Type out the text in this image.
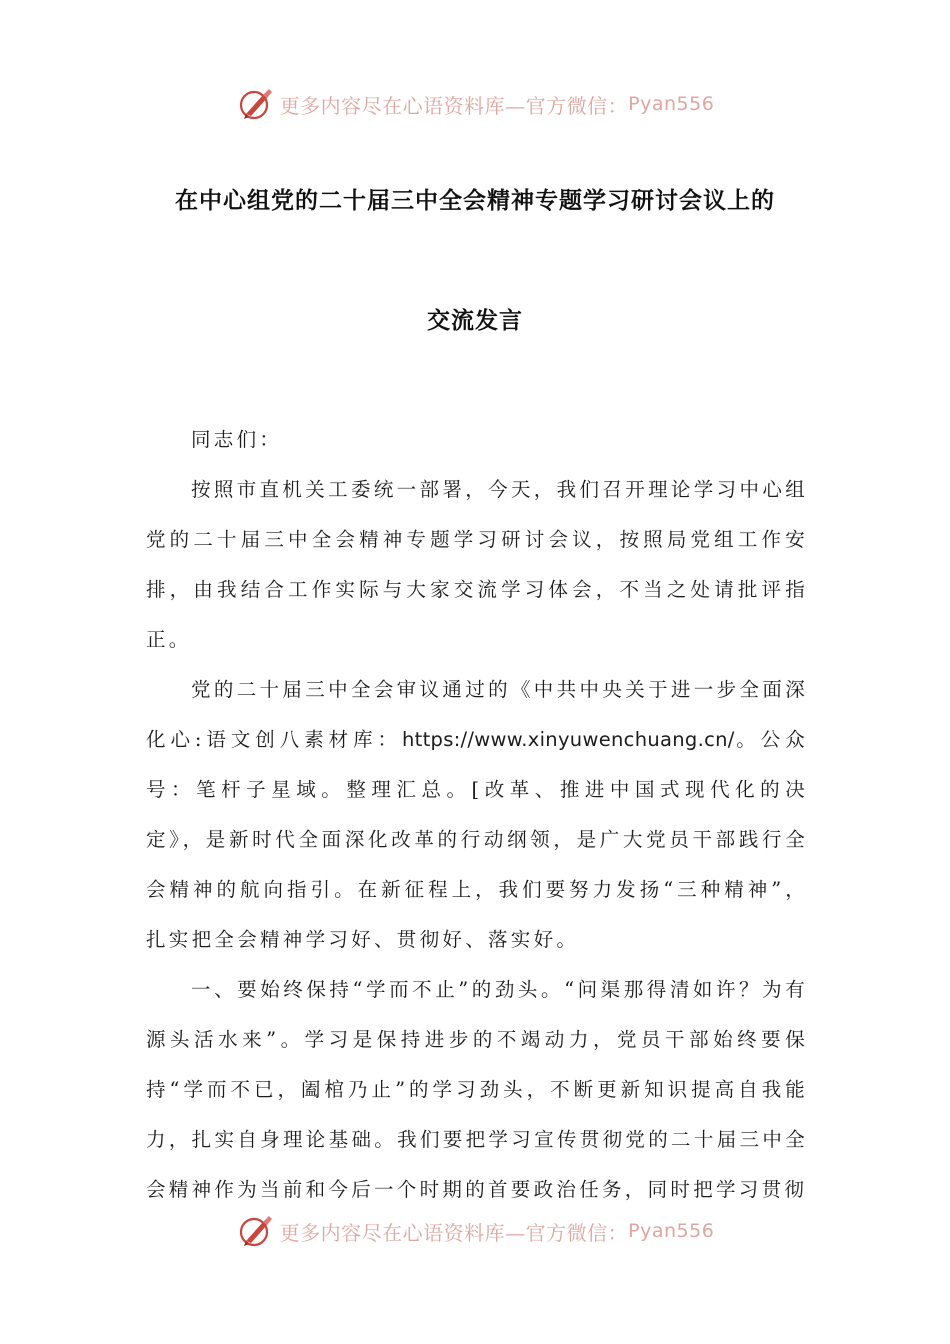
更多内容尽在心语资料库—官方微信： Pyan556
在中心组党的二十届三中全会精神专题学习研讨会议上的
交流发言

同志们：

按照市直机关工委统一部署，今天，我们召开理论学习中心组党的二十届三中全会精神专题学习研讨会议，按照局党组工作安排，由我结合工作实际与大家交流学习体会，不当之处请批评指正。

党的二十届三中全会审议通过的《中共中央关于进一步全面深化心:语文创八素材库：https://www.xinyuwenchuang.cn/。公众号：笔杆子星域。整理汇总。[改革、推进中国式现代化的决定》，是新时代全面深化改革的行动纲领，是广大党员干部践行全会精神的航向指引。在新征程上，我们要努力发扬“三种精神”，扎实把全会精神学习好、贯彻好、落实好。

一、要始终保持“学而不止”的劲头。“问渠那得清如许？为有源头活水来”。学习是保持进步的不竭动力，党员干部始终要保持“学而不已，阖棺乃止”的学习劲头，不断更新知识提高自我能力，扎实自身理论基础。我们要把学习宣传贯彻党的二十届三中全会精神作为当前和今后一个时期的首要政治任务，同时把学习贯彻

更多内容尽在心语资料库—官方微信： Pyan556
